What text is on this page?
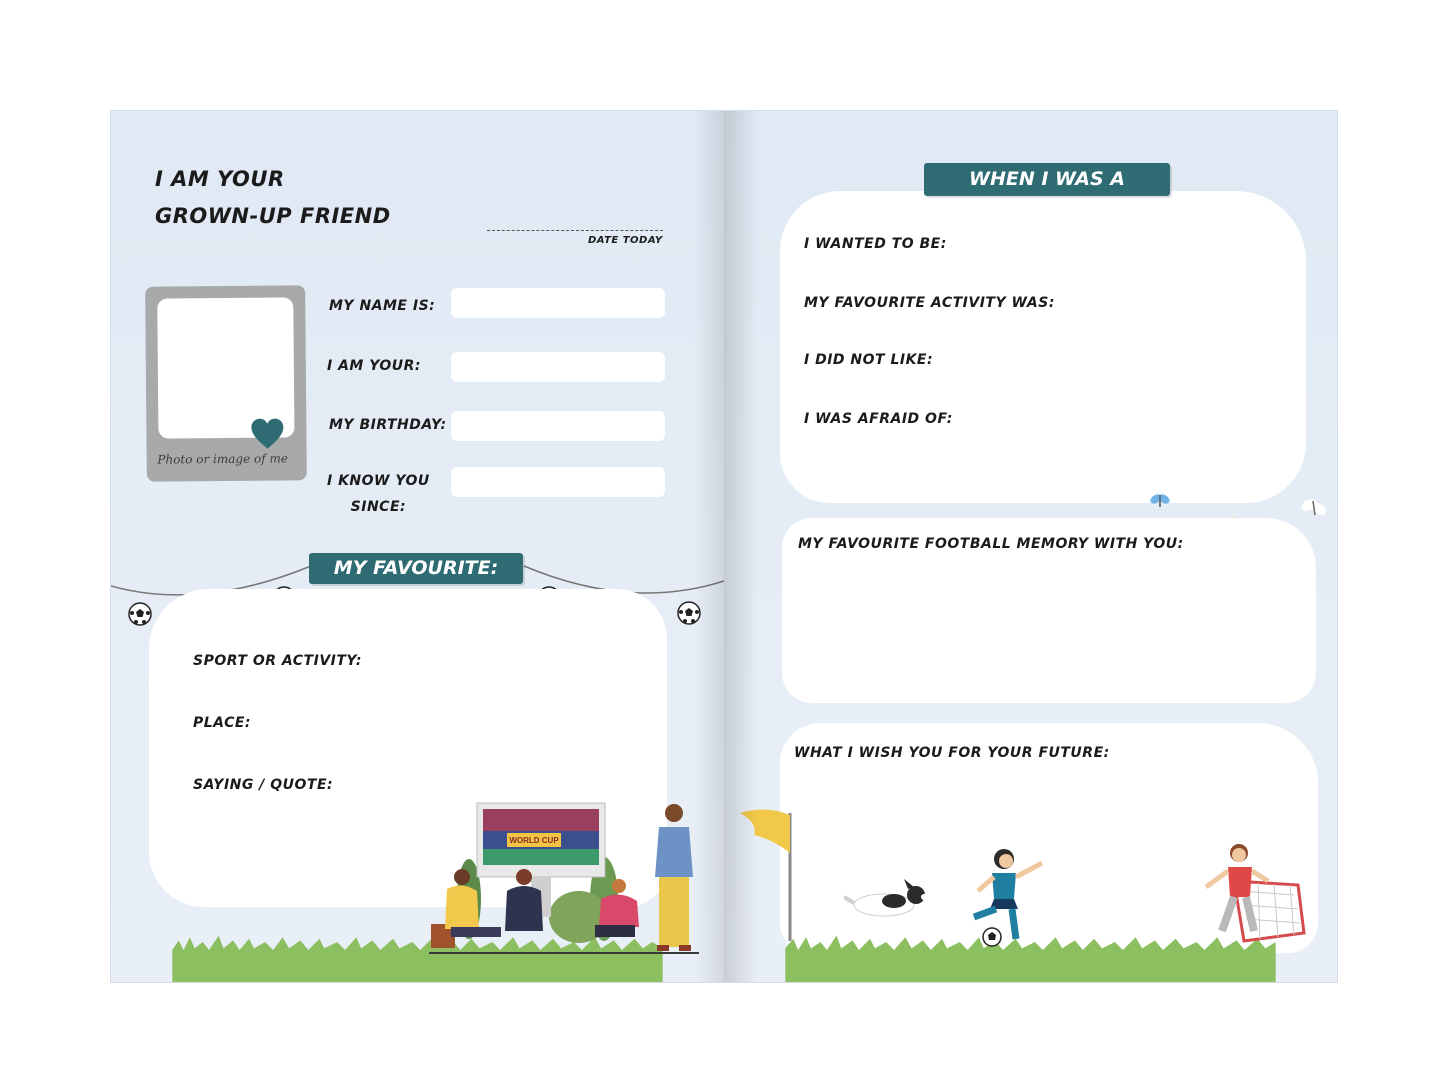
I AM YOUR
GROWN-UP FRIEND
DATE TODAY
Photo or image of me
MY NAME IS:
I AM YOUR:
MY BIRTHDAY:
I KNOW YOU
SINCE:
MY FAVOURITE:
SPORT OR ACTIVITY:
PLACE:
SAYING / QUOTE:
WORLD CUP
WHEN I WAS A CHILD...
I WANTED TO BE:
MY FAVOURITE ACTIVITY WAS:
I DID NOT LIKE:
I WAS AFRAID OF:
MY FAVOURITE FOOTBALL MEMORY WITH YOU:
WHAT I WISH YOU FOR YOUR FUTURE:
